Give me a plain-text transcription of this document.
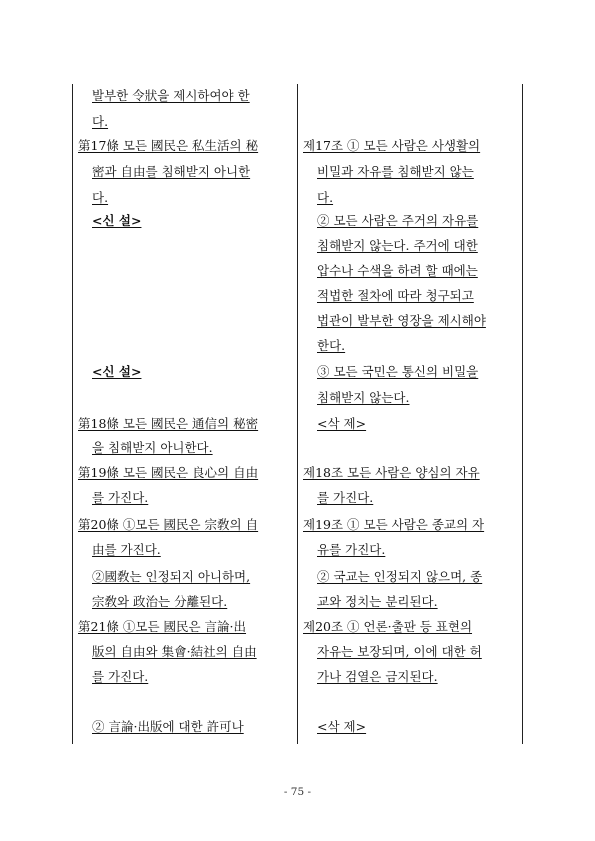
발부한 令狀을 제시하여야 한
다.
第17條 모든 國民은 私生活의 秘
密과 自由를 침해받지 아니한
다.
<신 설>
<신 설>
第18條 모든 國民은 通信의 秘密
을 침해받지 아니한다.
第19條 모든 國民은 良心의 自由
를 가진다.
第20條 ①모든 國民은 宗敎의 自
由를 가진다.
②國敎는 인정되지 아니하며,
宗敎와 政治는 分離된다.
第21條 ①모든 國民은 言論·出
版의 自由와 集會·結社의 自由
를 가진다.
② 言論·出版에 대한 許可나
제17조 ① 모든 사람은 사생활의
비밀과 자유를 침해받지 않는
다.
② 모든 사람은 주거의 자유를
침해받지 않는다. 주거에 대한
압수나 수색을 하려 할 때에는
적법한 절차에 따라 청구되고
법관이 발부한 영장을 제시해야
한다.
③ 모든 국민은 통신의 비밀을
침해받지 않는다.
<삭 제>
제18조 모든 사람은 양심의 자유
를 가진다.
제19조 ① 모든 사람은 종교의 자
유를 가진다.
② 국교는 인정되지 않으며, 종
교와 정치는 분리된다.
제20조 ① 언론·출판 등 표현의
자유는 보장되며, 이에 대한 허
가나 검열은 금지된다.
<삭 제>
- 75 -
